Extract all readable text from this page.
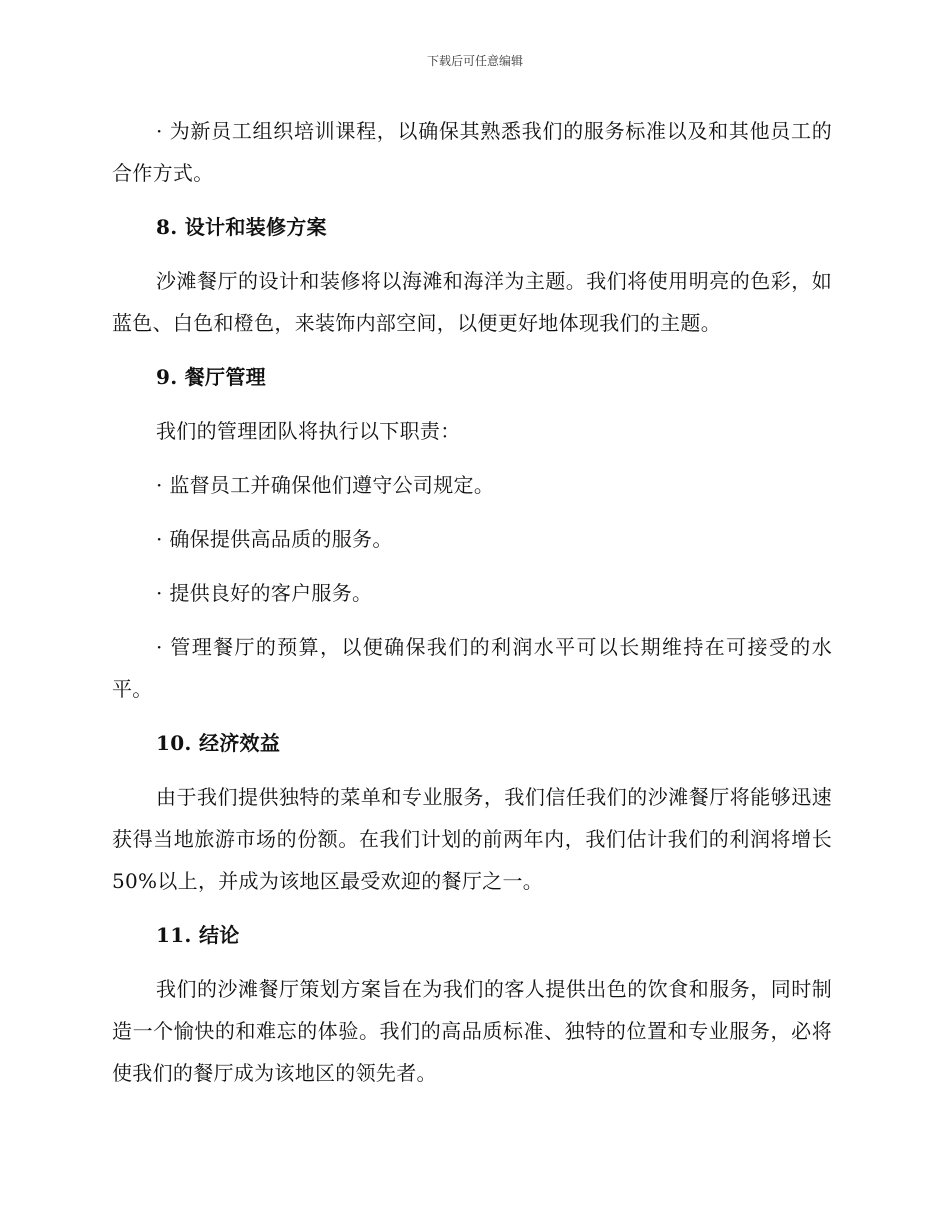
下载后可任意编辑

· 为新员工组织培训课程，以确保其熟悉我们的服务标准以及和其他员工的合作方式。

8. 设计和装修方案

沙滩餐厅的设计和装修将以海滩和海洋为主题。我们将使用明亮的色彩，如蓝色、白色和橙色，来装饰内部空间，以便更好地体现我们的主题。

9. 餐厅管理

我们的管理团队将执行以下职责：

· 监督员工并确保他们遵守公司规定。

· 确保提供高品质的服务。

· 提供良好的客户服务。

· 管理餐厅的预算，以便确保我们的利润水平可以长期维持在可接受的水平。

10. 经济效益

由于我们提供独特的菜单和专业服务，我们信任我们的沙滩餐厅将能够迅速获得当地旅游市场的份额。在我们计划的前两年内，我们估计我们的利润将增长 50%以上，并成为该地区最受欢迎的餐厅之一。

11. 结论

我们的沙滩餐厅策划方案旨在为我们的客人提供出色的饮食和服务，同时制造一个愉快的和难忘的体验。我们的高品质标准、独特的位置和专业服务，必将使我们的餐厅成为该地区的领先者。
